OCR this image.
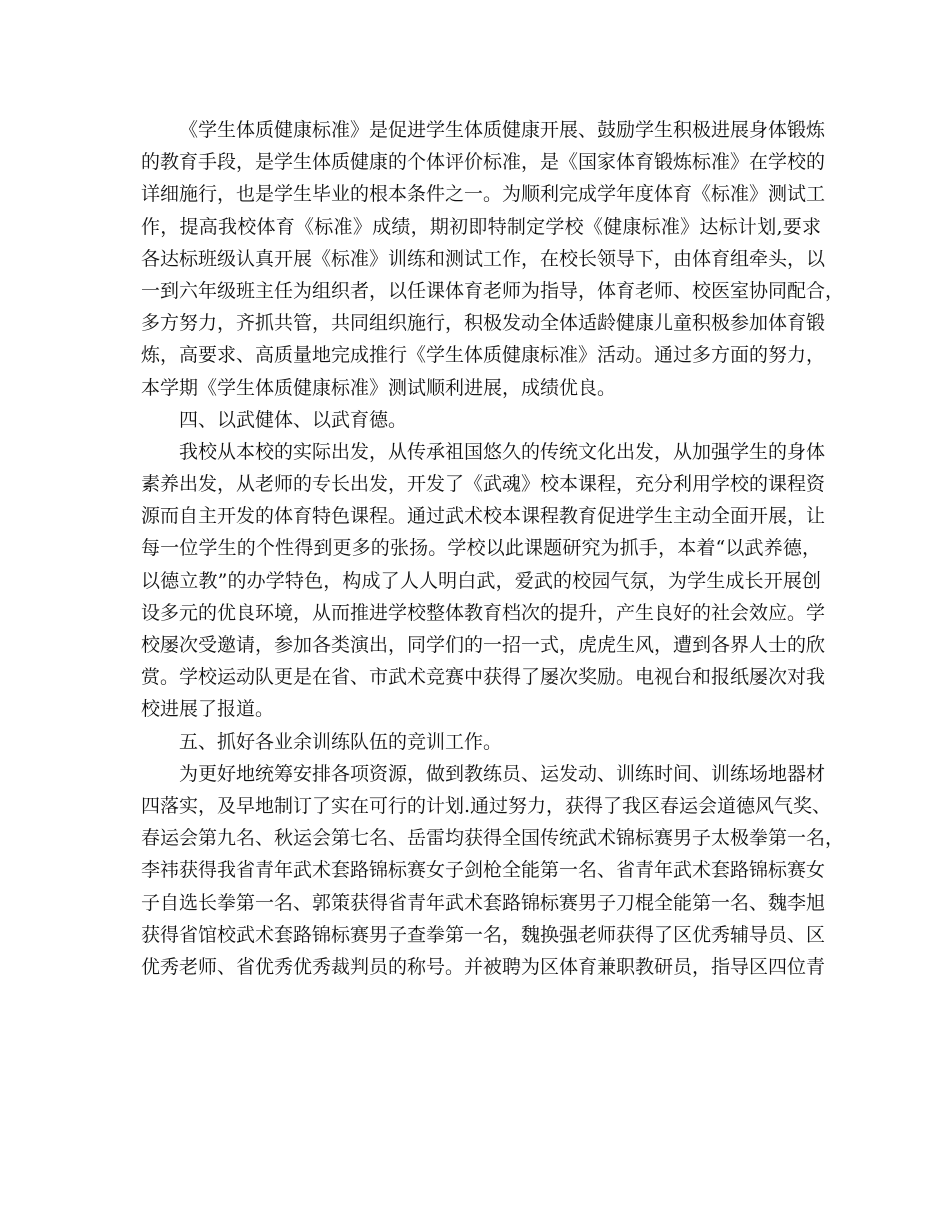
《学生体质健康标准》是促进学生体质健康开展、鼓励学生积极进展身体锻炼
的教育手段，是学生体质健康的个体评价标准，是《国家体育锻炼标准》在学校的
详细施行，也是学生毕业的根本条件之一。为顺利完成学年度体育《标准》测试工
作，提高我校体育《标准》成绩，期初即特制定学校《健康标准》达标计划,要求
各达标班级认真开展《标准》训练和测试工作，在校长领导下，由体育组牵头，以
一到六年级班主任为组织者，以任课体育老师为指导，体育老师、校医室协同配合，
多方努力，齐抓共管，共同组织施行，积极发动全体适龄健康儿童积极参加体育锻
炼，高要求、高质量地完成推行《学生体质健康标准》活动。通过多方面的努力，
本学期《学生体质健康标准》测试顺利进展，成绩优良。
四、以武健体、以武育德。
我校从本校的实际出发，从传承祖国悠久的传统文化出发，从加强学生的身体
素养出发，从老师的专长出发，开发了《武魂》校本课程，充分利用学校的课程资
源而自主开发的体育特色课程。通过武术校本课程教育促进学生主动全面开展，让
每一位学生的个性得到更多的张扬。学校以此课题研究为抓手，本着“以武养德，
以德立教”的办学特色，构成了人人明白武，爱武的校园气氛，为学生成长开展创
设多元的优良环境，从而推进学校整体教育档次的提升，产生良好的社会效应。学
校屡次受邀请，参加各类演出，同学们的一招一式，虎虎生风，遭到各界人士的欣
赏。学校运动队更是在省、市武术竞赛中获得了屡次奖励。电视台和报纸屡次对我
校进展了报道。
五、抓好各业余训练队伍的竞训工作。
为更好地统筹安排各项资源，做到教练员、运发动、训练时间、训练场地器材
四落实，及早地制订了实在可行的计划.通过努力，获得了我区春运会道德风气奖、
春运会第九名、秋运会第七名、岳雷均获得全国传统武术锦标赛男子太极拳第一名，
李祎获得我省青年武术套路锦标赛女子剑枪全能第一名、省青年武术套路锦标赛女
子自选长拳第一名、郭策获得省青年武术套路锦标赛男子刀棍全能第一名、魏李旭
获得省馆校武术套路锦标赛男子查拳第一名，魏换强老师获得了区优秀辅导员、区
优秀老师、省优秀优秀裁判员的称号。并被聘为区体育兼职教研员，指导区四位青
